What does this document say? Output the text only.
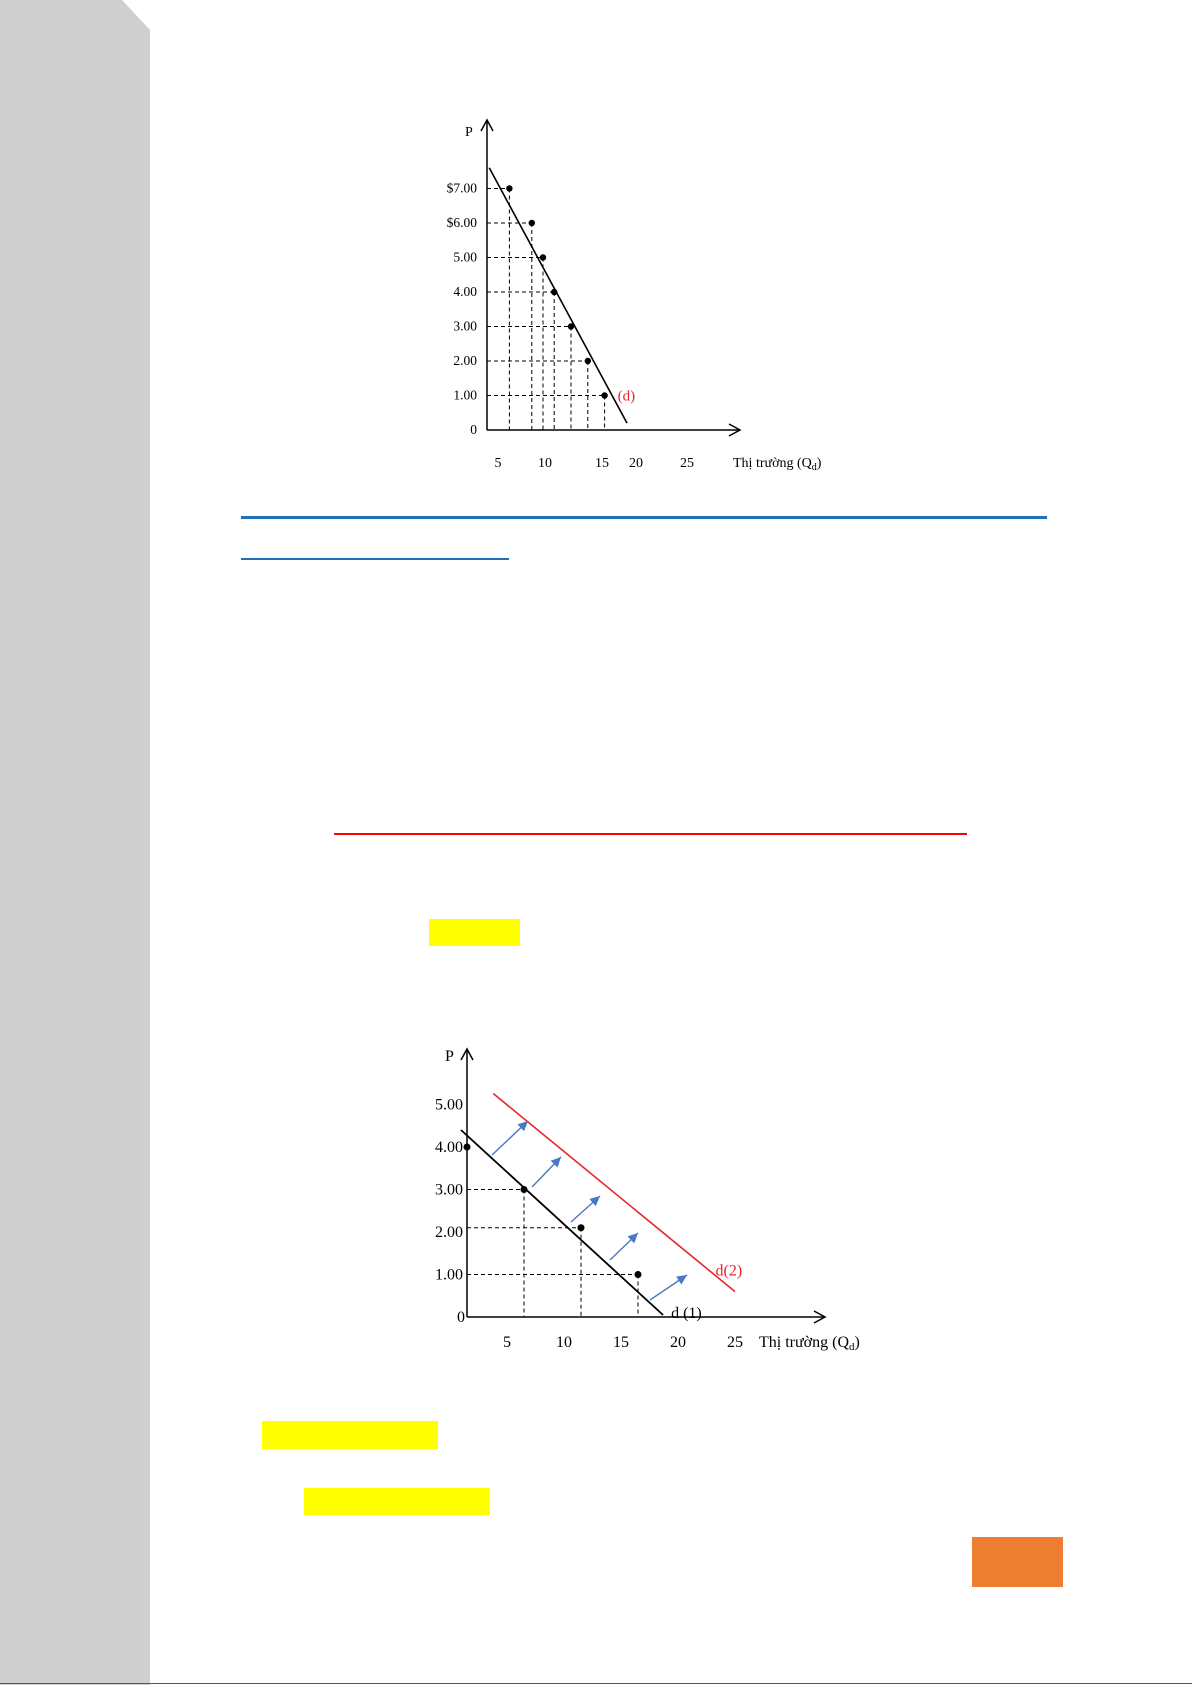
P
0
1.00
2.00
3.00
4.00
5.00
$6.00
$7.00
5	10	15 20	25	Thị trường $(Q_d)$
(d)
P
0
1.00
2.00
3.00
4.00
5.00
5	10	15	20	25 Thị trường (Qd)
d (1)
d(2)
